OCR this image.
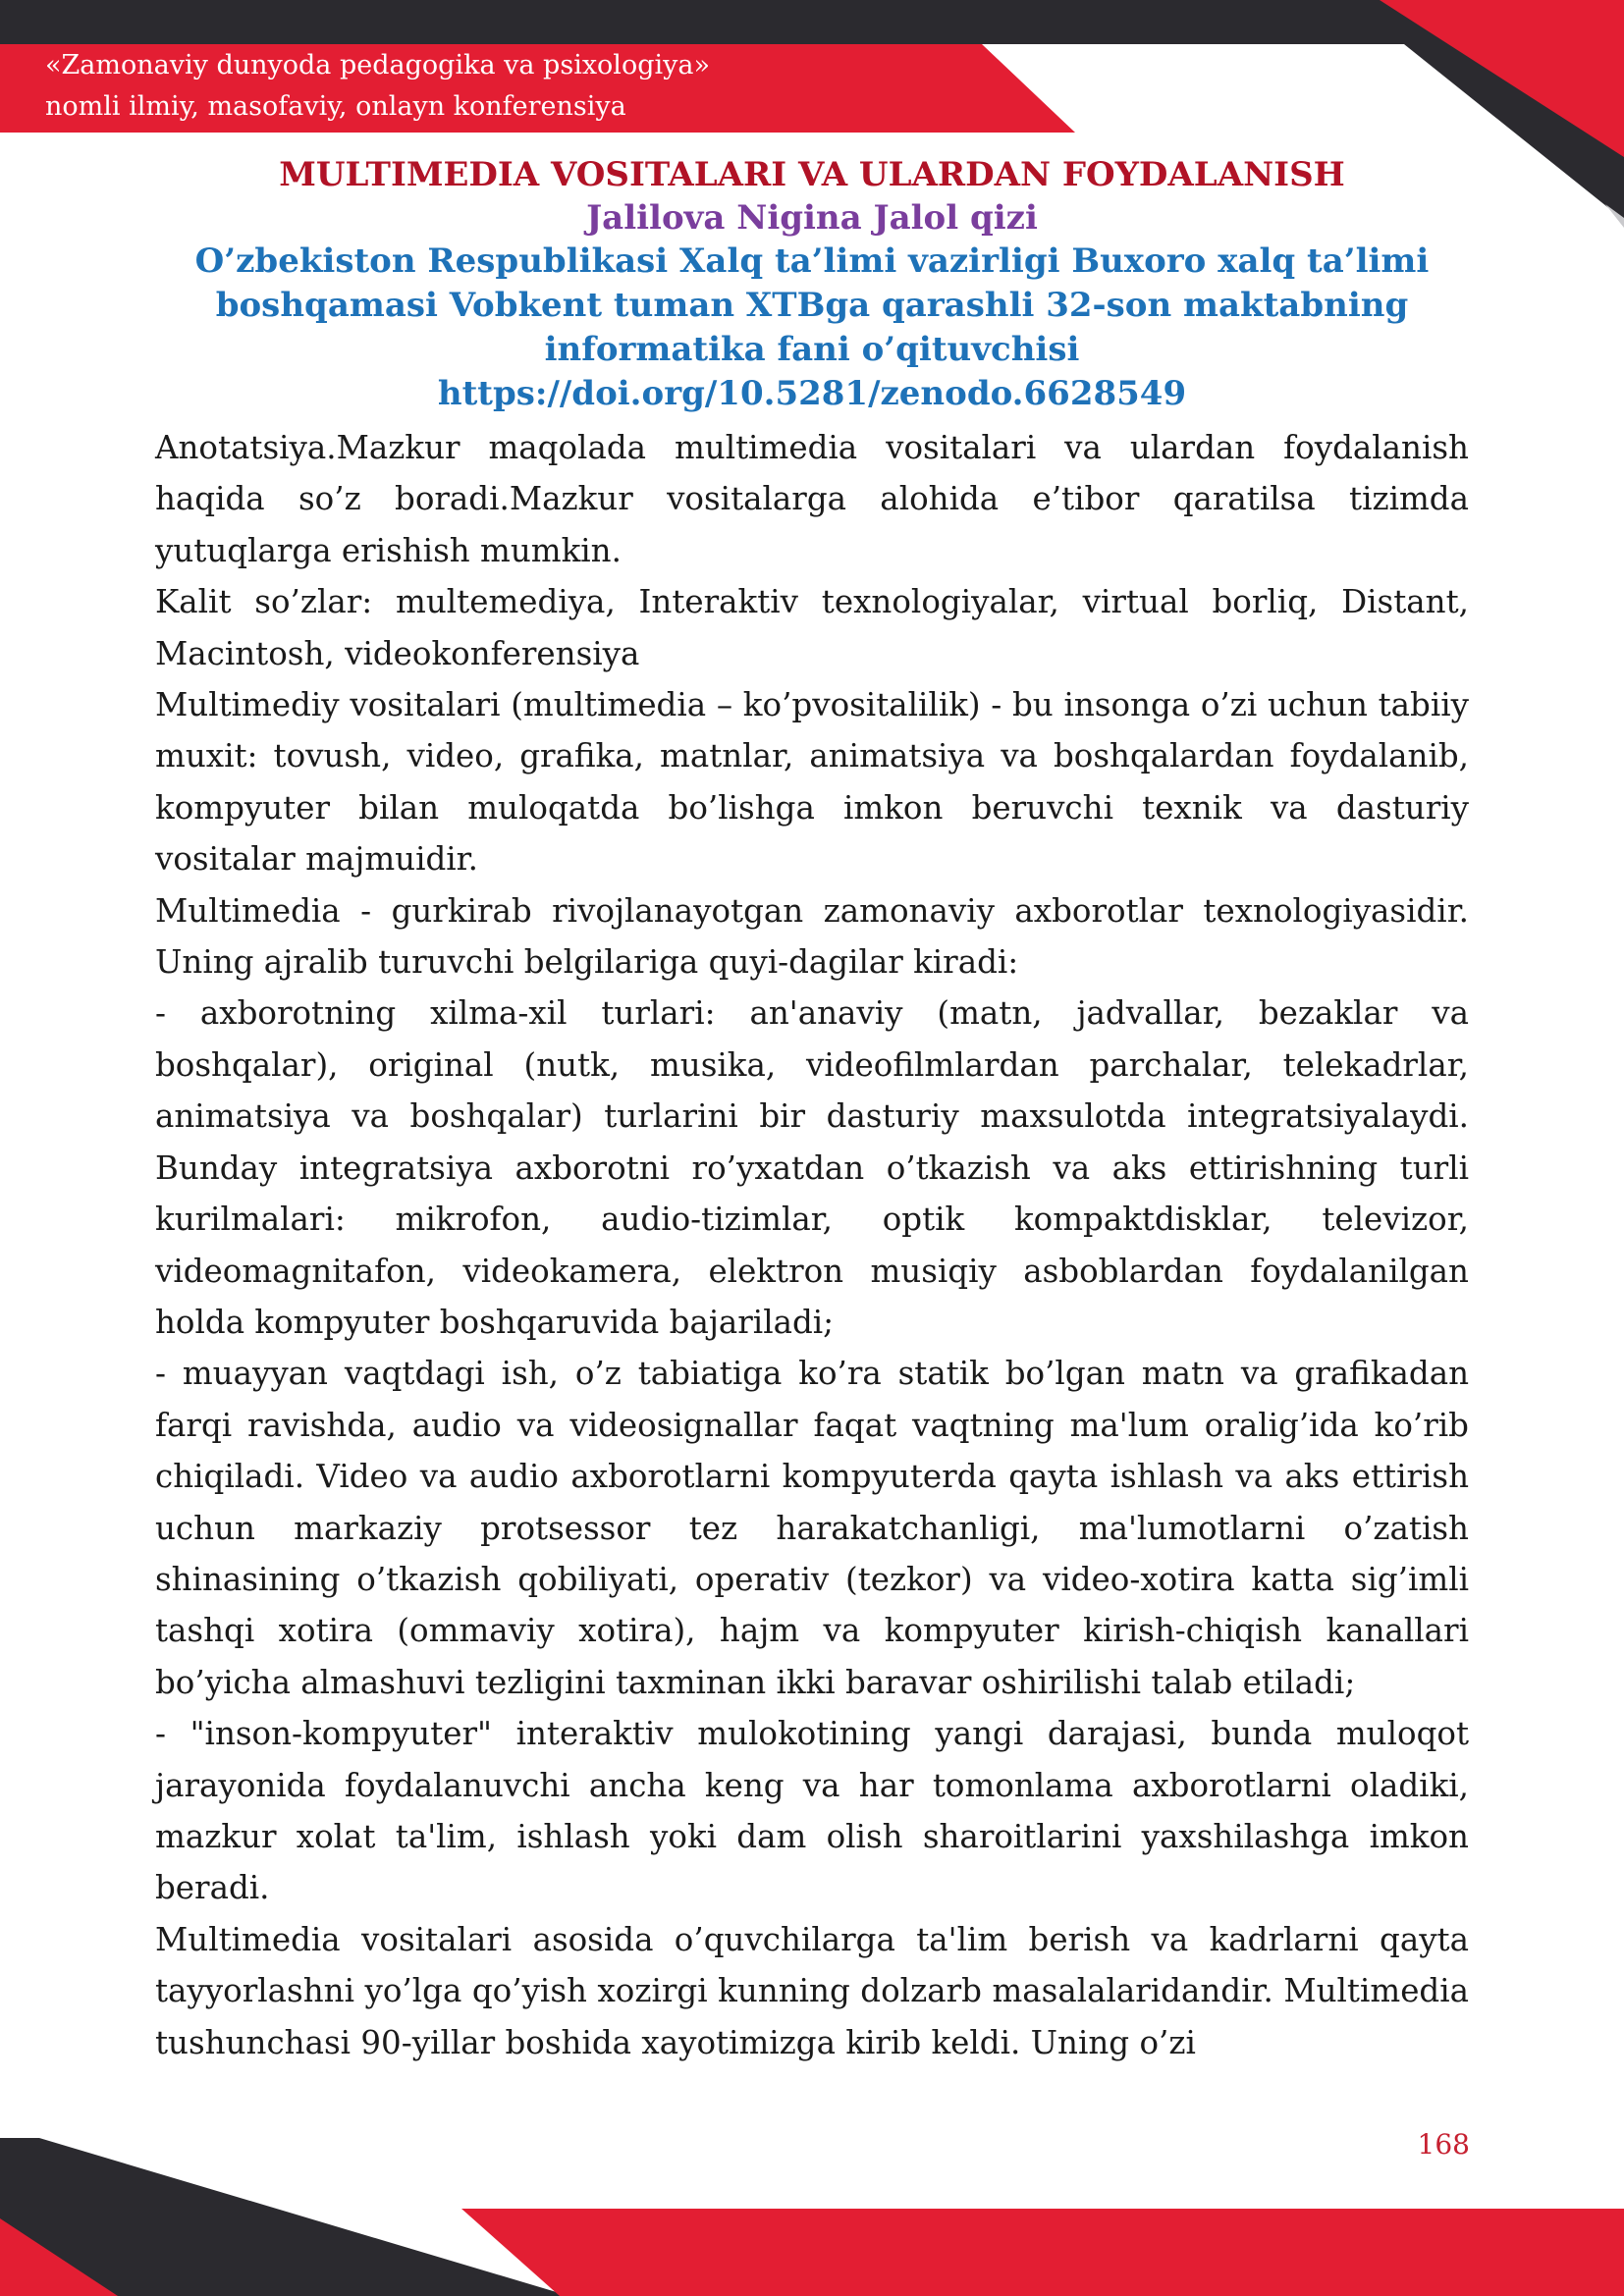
«Zamonaviy dunyoda pedagogika va psixologiya»
nomli ilmiy, masofaviy, onlayn konferensiya
MULTIMEDIA VOSITALARI VA ULARDAN FOYDALANISH
Jalilova Nigina Jalol qizi
O’zbekiston Respublikasi Xalq ta’limi vazirligi Buxoro xalq ta’limi
boshqamasi Vobkent tuman XTBga qarashli 32-son maktabning
informatika fani o’qituvchisi
https://doi.org/10.5281/zenodo.6628549

Anotatsiya.Mazkur maqolada multimedia vositalari va ulardan foydalanish haqida so’z boradi.Mazkur vositalarga alohida e’tibor qaratilsa tizimda yutuqlarga erishish mumkin.

Kalit so’zlar: multemediya, Interaktiv texnologiyalar, virtual borliq, Distant, Macintosh, videokonferensiya

Multimediy vositalari (multimedia – ko’pvositalilik) - bu insonga o’zi uchun tabiiy muxit: tovush, video, grafika, matnlar, animatsiya va boshqalardan foydalanib, kompyuter bilan muloqatda bo’lishga imkon beruvchi texnik va dasturiy vositalar majmuidir.

Multimedia - gurkirab rivojlanayotgan zamonaviy axborotlar texnologiyasidir. Uning ajralib turuvchi belgilariga quyi-dagilar kiradi:

- axborotning xilma-xil turlari: an'anaviy (matn, jadvallar, bezaklar va boshqalar), original (nutk, musika, videofilmlardan parchalar, telekadrlar, animatsiya va boshqalar) turlarini bir dasturiy maxsulotda integratsiyalaydi. Bunday integratsiya axborotni ro’yxatdan o’tkazish va aks ettirishning turli kurilmalari: mikrofon, audio-tizimlar, optik kompaktdisklar, televizor, videomagnitafon, videokamera, elektron musiqiy asboblardan foydalanilgan holda kompyuter boshqaruvida bajariladi;

- muayyan vaqtdagi ish, o’z tabiatiga ko’ra statik bo’lgan matn va grafikadan farqi ravishda, audio va videosignallar faqat vaqtning ma'lum oralig’ida ko’rib chiqiladi. Video va audio axborotlarni kompyuterda qayta ishlash va aks ettirish uchun markaziy protsessor tez harakatchanligi, ma'lumotlarni o’zatish shinasining o’tkazish qobiliyati, operativ (tezkor) va video-xotira katta sig’imli tashqi xotira (ommaviy xotira), hajm va kompyuter kirish-chiqish kanallari bo’yicha almashuvi tezligini taxminan ikki baravar oshirilishi talab etiladi;

- "inson-kompyuter" interaktiv mulokotining yangi darajasi, bunda muloqot jarayonida foydalanuvchi ancha keng va har tomonlama axborotlarni oladiki, mazkur xolat ta'lim, ishlash yoki dam olish sharoitlarini yaxshilashga imkon beradi.

Multimedia vositalari asosida o’quvchilarga ta'lim berish va kadrlarni qayta tayyorlashni yo’lga qo’yish xozirgi kunning dolzarb masalalaridandir. Multimedia tushunchasi 90-yillar boshida xayotimizga kirib keldi. Uning o’zi

168
